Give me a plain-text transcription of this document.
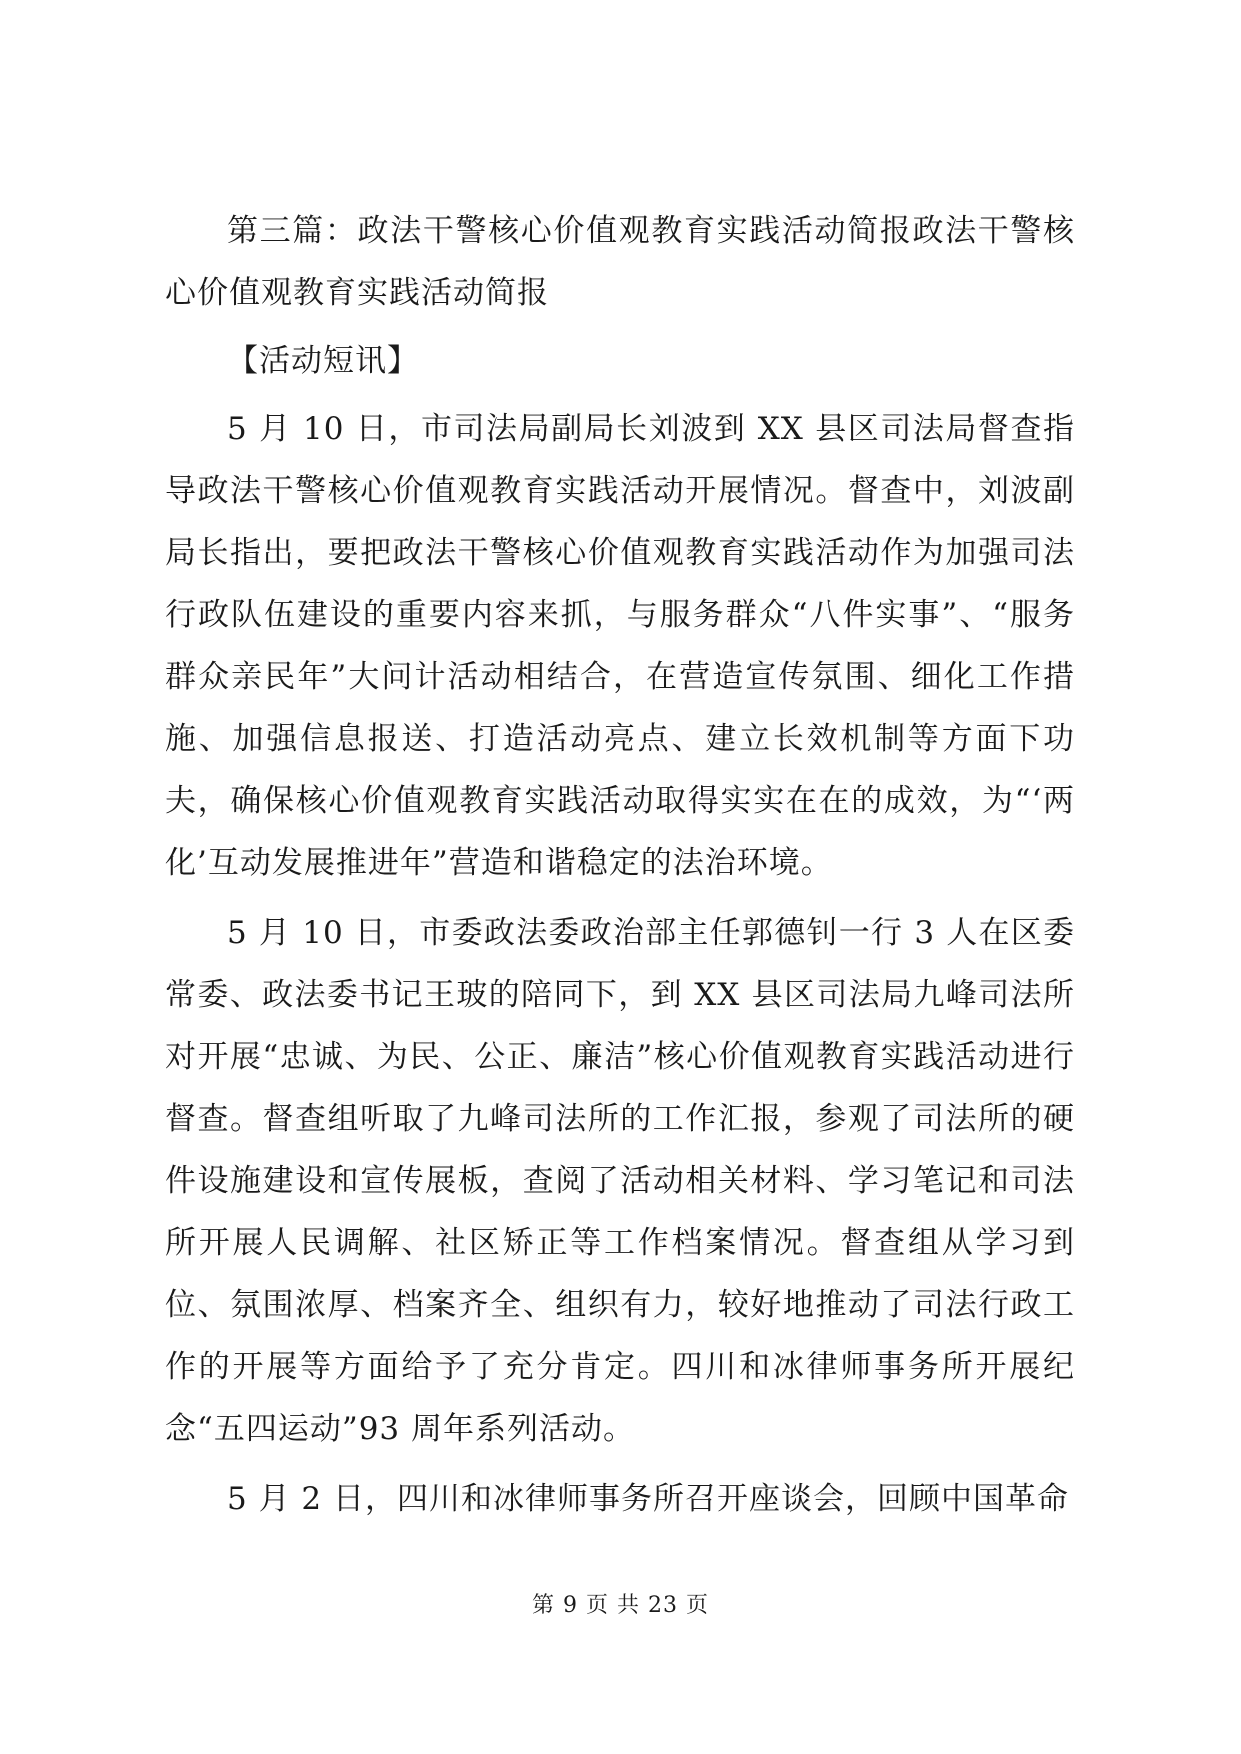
第三篇：政法干警核心价值观教育实践活动简报政法干警核心价值观教育实践活动简报

【活动短讯】

5 月 10 日，市司法局副局长刘波到 XX 县区司法局督查指导政法干警核心价值观教育实践活动开展情况。督查中，刘波副局长指出，要把政法干警核心价值观教育实践活动作为加强司法行政队伍建设的重要内容来抓，与服务群众“八件实事”、“服务群众亲民年”大问计活动相结合，在营造宣传氛围、细化工作措施、加强信息报送、打造活动亮点、建立长效机制等方面下功夫，确保核心价值观教育实践活动取得实实在在的成效，为“‘两化’互动发展推进年”营造和谐稳定的法治环境。

5 月 10 日，市委政法委政治部主任郭德钊一行 3 人在区委常委、政法委书记王玻的陪同下，到 XX 县区司法局九峰司法所对开展“忠诚、为民、公正、廉洁”核心价值观教育实践活动进行督查。督查组听取了九峰司法所的工作汇报，参观了司法所的硬件设施建设和宣传展板，查阅了活动相关材料、学习笔记和司法所开展人民调解、社区矫正等工作档案情况。督查组从学习到位、氛围浓厚、档案齐全、组织有力，较好地推动了司法行政工作的开展等方面给予了充分肯定。四川和冰律师事务所开展纪念“五四运动”93 周年系列活动。

5 月 2 日，四川和冰律师事务所召开座谈会，回顾中国革命

第 9 页 共 23 页
